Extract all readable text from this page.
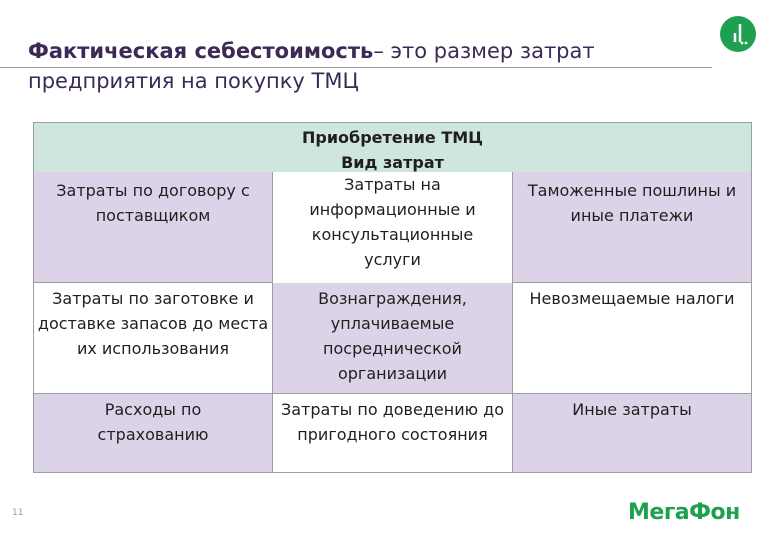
Фактическая себестоимость– это размер затрат предприятия на покупку ТМЦ
Затраты по договору с поставщиком
Затраты на информационные и консультационные услуги
Таможенные пошлины и иные платежи
Затраты по заготовке и доставке запасов до места их использования
Вознаграждения, уплачиваемые посреднической организации
Невозмещаемые налоги
Расходы по страхованию
Затраты по доведению до пригодного состояния
Иные затраты
Приобретение ТМЦ
Вид затрат
11	МегаФон
